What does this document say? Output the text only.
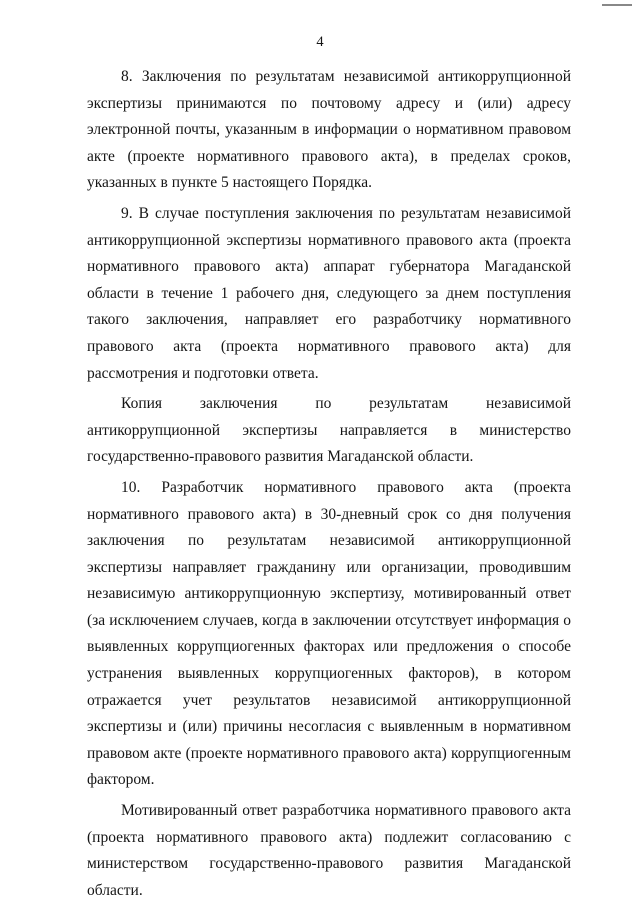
4

8. Заключения по результатам независимой антикоррупционной экспертизы принимаются по почтовому адресу и (или) адресу электронной почты, указанным в информации о нормативном правовом акте (проекте нормативного правового акта), в пределах сроков, указанных в пункте 5 настоящего Порядка.

9. В случае поступления заключения по результатам независимой антикоррупционной экспертизы нормативного правового акта (проекта нормативного правового акта) аппарат губернатора Магаданской области в течение 1 рабочего дня, следующего за днем поступления такого заключения, направляет его разработчику нормативного правового акта (проекта нормативного правового акта) для рассмотрения и подготовки ответа.

Копия заключения по результатам независимой антикоррупционной экспертизы направляется в министерство государственно-правового развития Магаданской области.

10. Разработчик нормативного правового акта (проекта нормативного правового акта) в 30-дневный срок со дня получения заключения по результатам независимой антикоррупционной экспертизы направляет гражданину или организации, проводившим независимую антикоррупционную экспертизу, мотивированный ответ (за исключением случаев, когда в заключении отсутствует информация о выявленных коррупциогенных факторах или предложения о способе устранения выявленных коррупциогенных факторов), в котором отражается учет результатов независимой антикоррупционной экспертизы и (или) причины несогласия с выявленным в нормативном правовом акте (проекте нормативного правового акта) коррупциогенным фактором.

Мотивированный ответ разработчика нормативного правового акта (проекта нормативного правового акта) подлежит согласованию с министерством государственно-правового развития Магаданской области.
